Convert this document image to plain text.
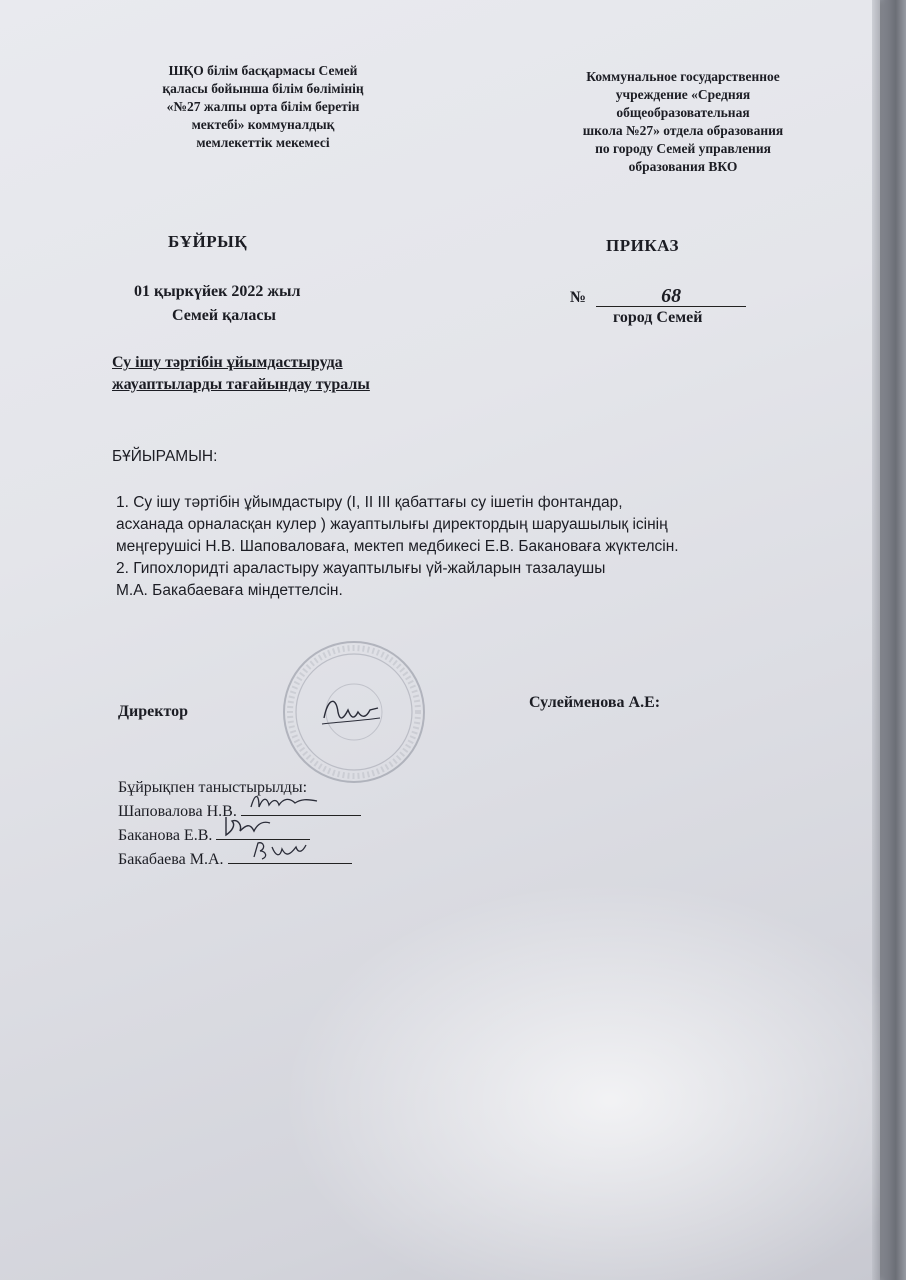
ШҚО білім басқармасы Семей
қаласы бойынша білім бөлімінің
«№27 жалпы орта білім беретін
мектебі» коммуналдық
мемлекеттік мекемесі
Коммунальное государственное
учреждение «Средняя
общеобразовательная
школа №27» отдела образования
по городу Семей управления
образования ВКО
БҰЙРЫҚ	ПРИКАЗ
01 қыркүйек 2022 жыл
Семей қаласы
№	68
город Семей
Су ішу тәртібін ұйымдастыруда
жауаптыларды тағайындау туралы
БҰЙЫРАМЫН:
1. Су ішу тәртібін ұйымдастыру (I, II III қабаттағы су ішетін фонтандар,
асханада орналасқан кулер ) жауаптылығы директордың шаруашылық ісінің
меңгерушісі Н.В. Шаповаловаға, мектеп медбикесі Е.В. Бакановаға жүктелсін.
2. Гипохлоридті араластыру жауаптылығы үй-жайларын тазалаушы
М.А. Бакабаеваға міндеттелсін.
Директор
Сулейменова А.Е:
Бұйрықпен таныстырылды:
Шаповалова Н.В.
Баканова Е.В.
Бакабаева М.А.
